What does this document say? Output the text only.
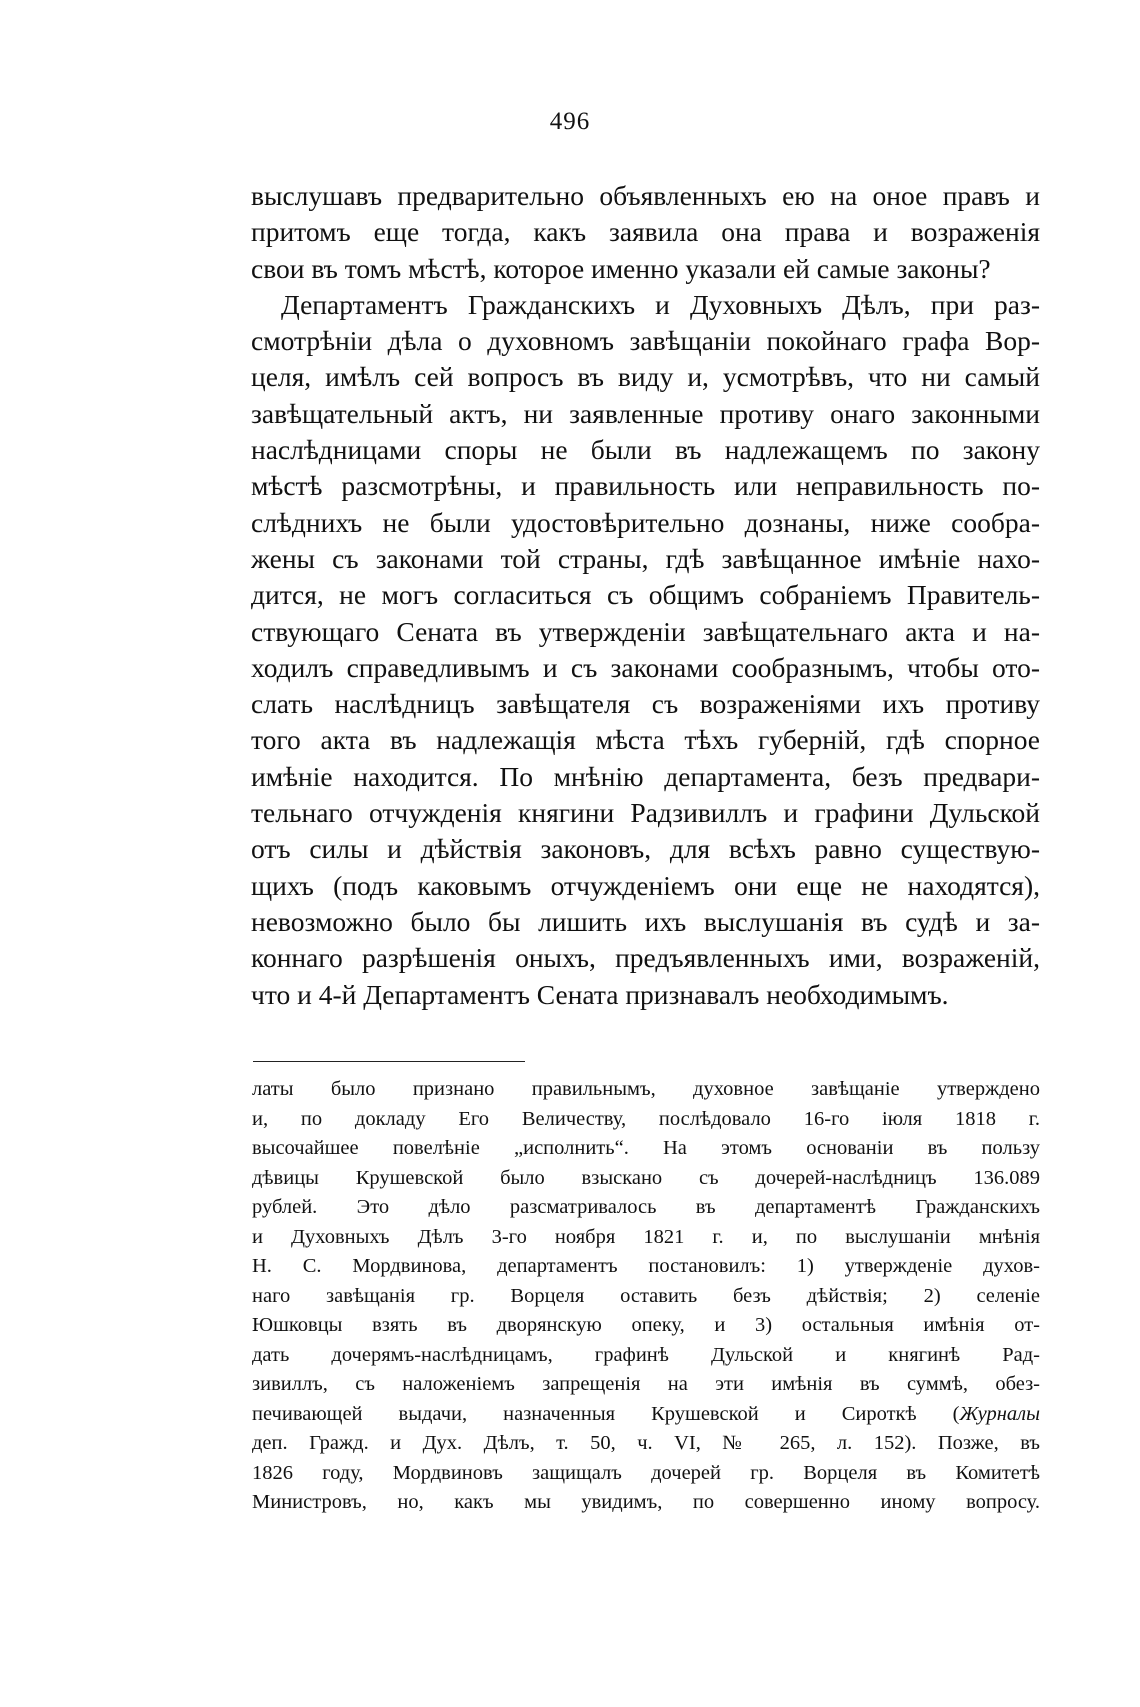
496
выслушавъ предварительно объявленныхъ ею на оное правъ и
притомъ еще тогда, какъ заявила она права и возраженія
свои въ томъ мѣстѣ, которое именно указали ей самые законы?
Департаментъ Гражданскихъ и Духовныхъ Дѣлъ, при раз-
смотрѣніи дѣла о духовномъ завѣщаніи покойнаго графа Вор-
целя, имѣлъ сей вопросъ въ виду и, усмотрѣвъ, что ни самый
завѣщательный актъ, ни заявленные противу онаго законными
наслѣдницами споры не были въ надлежащемъ по закону
мѣстѣ разсмотрѣны, и правильность или неправильность по-
слѣднихъ не были удостовѣрительно дознаны, ниже сообра-
жены съ законами той страны, гдѣ завѣщанное имѣніе нахо-
дится, не могъ согласиться съ общимъ собраніемъ Правитель-
ствующаго Сената въ утвержденіи завѣщательнаго акта и на-
ходилъ справедливымъ и съ законами сообразнымъ, чтобы ото-
слать наслѣдницъ завѣщателя съ возраженіями ихъ противу
того акта въ надлежащія мѣста тѣхъ губерній, гдѣ спорное
имѣніе находится. По мнѣнію департамента, безъ предвари-
тельнаго отчужденія княгини Радзивиллъ и графини Дульской
отъ силы и дѣйствія законовъ, для всѣхъ равно существую-
щихъ (подъ каковымъ отчужденіемъ они еще не находятся),
невозможно было бы лишить ихъ выслушанія въ судѣ и за-
коннаго разрѣшенія оныхъ, предъявленныхъ ими, возраженій,
что и 4-й Департаментъ Сената признавалъ необходимымъ.
латы было признано правильнымъ, духовное завѣщаніе утверждено
и, по докладу Его Величеству, послѣдовало 16-го іюля 1818 г.
высочайшее повелѣніе „исполнить“. На этомъ основаніи въ пользу
дѣвицы Крушевской было взыскано съ дочерей-наслѣдницъ 136.089
рублей. Это дѣло разсматривалось въ департаментѣ Гражданскихъ
и Духовныхъ Дѣлъ 3-го ноября 1821 г. и, по выслушаніи мнѣнія
Н. С. Мордвинова, департаментъ постановилъ: 1) утвержденіе духов-
наго завѣщанія гр. Ворцеля оставить безъ дѣйствія; 2) селеніе
Юшковцы взять въ дворянскую опеку, и 3) остальныя имѣнія от-
дать дочерямъ-наслѣдницамъ, графинѣ Дульской и княгинѣ Рад-
зивиллъ, съ наложеніемъ запрещенія на эти имѣнія въ суммѣ, обез-
печивающей выдачи, назначенныя Крушевской и Сироткѣ (Журналы
деп. Гражд. и Дух. Дѣлъ, т. 50, ч. VI, № 265, л. 152). Позже, въ
1826 году, Мордвиновъ защищалъ дочерей гр. Ворцеля въ Комитетѣ
Министровъ, но, какъ мы увидимъ, по совершенно иному вопросу.
